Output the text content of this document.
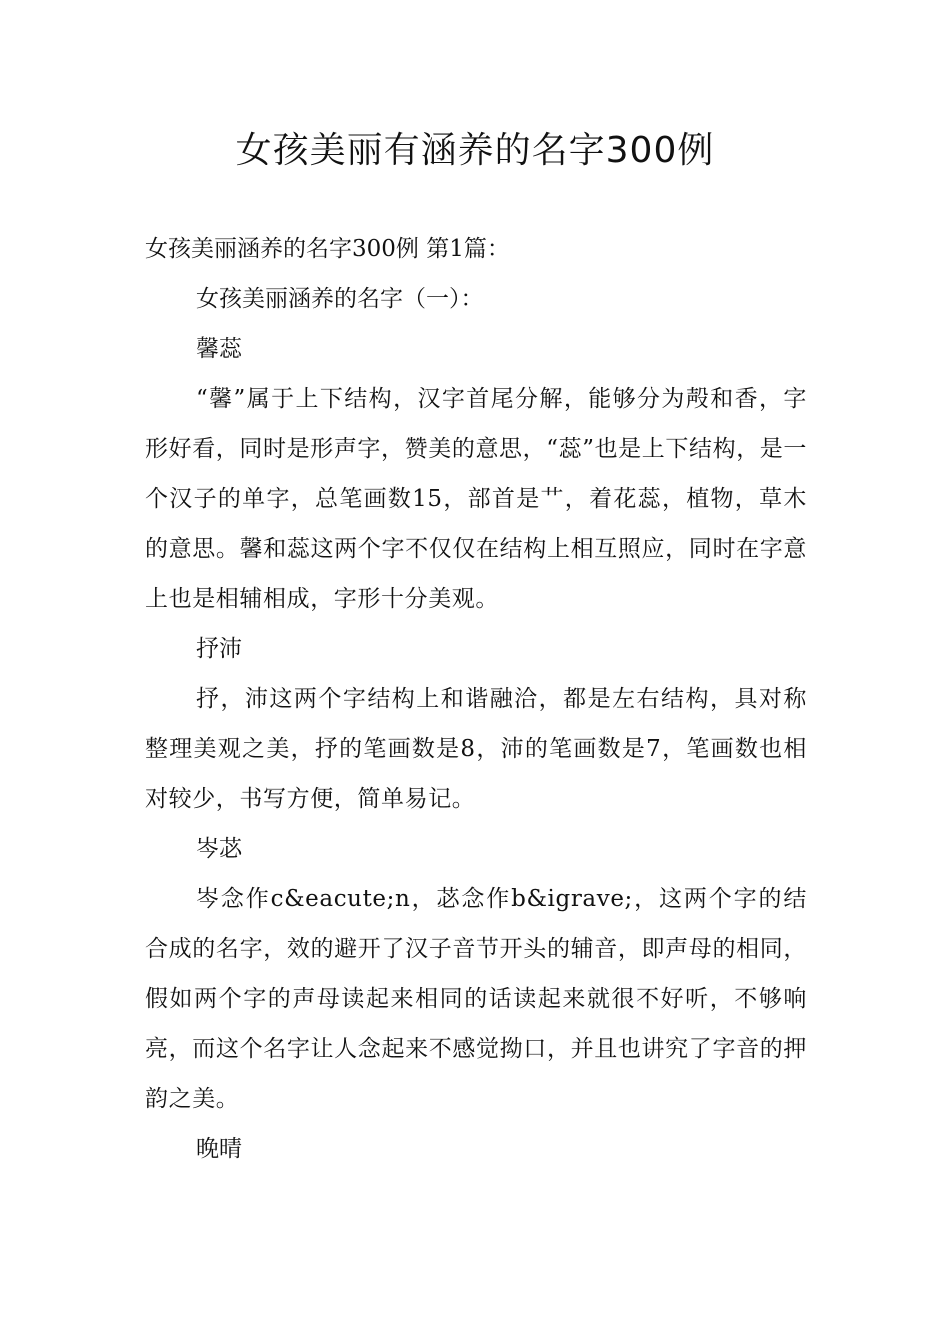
女孩美丽有涵养的名字300例

女孩美丽涵养的名字300例 第1篇：

女孩美丽涵养的名字（一）：

馨蕊

“馨”属于上下结构，汉字首尾分解，能够分为殸和香，字形好看，同时是形声字，赞美的意思，“蕊”也是上下结构，是一个汉子的单字，总笔画数15，部首是艹，着花蕊，植物，草木的意思。馨和蕊这两个字不仅仅在结构上相互照应，同时在字意上也是相辅相成，字形十分美观。

抒沛

抒，沛这两个字结构上和谐融洽，都是左右结构，具对称整理美观之美，抒的笔画数是8，沛的笔画数是7，笔画数也相对较少，书写方便，简单易记。

岑苾

岑念作c&eacute;n，苾念作b&igrave;，这两个字的结合成的名字，效的避开了汉子音节开头的辅音，即声母的相同，假如两个字的声母读起来相同的话读起来就很不好听，不够响亮，而这个名字让人念起来不感觉拗口，并且也讲究了字音的押韵之美。

晚晴
